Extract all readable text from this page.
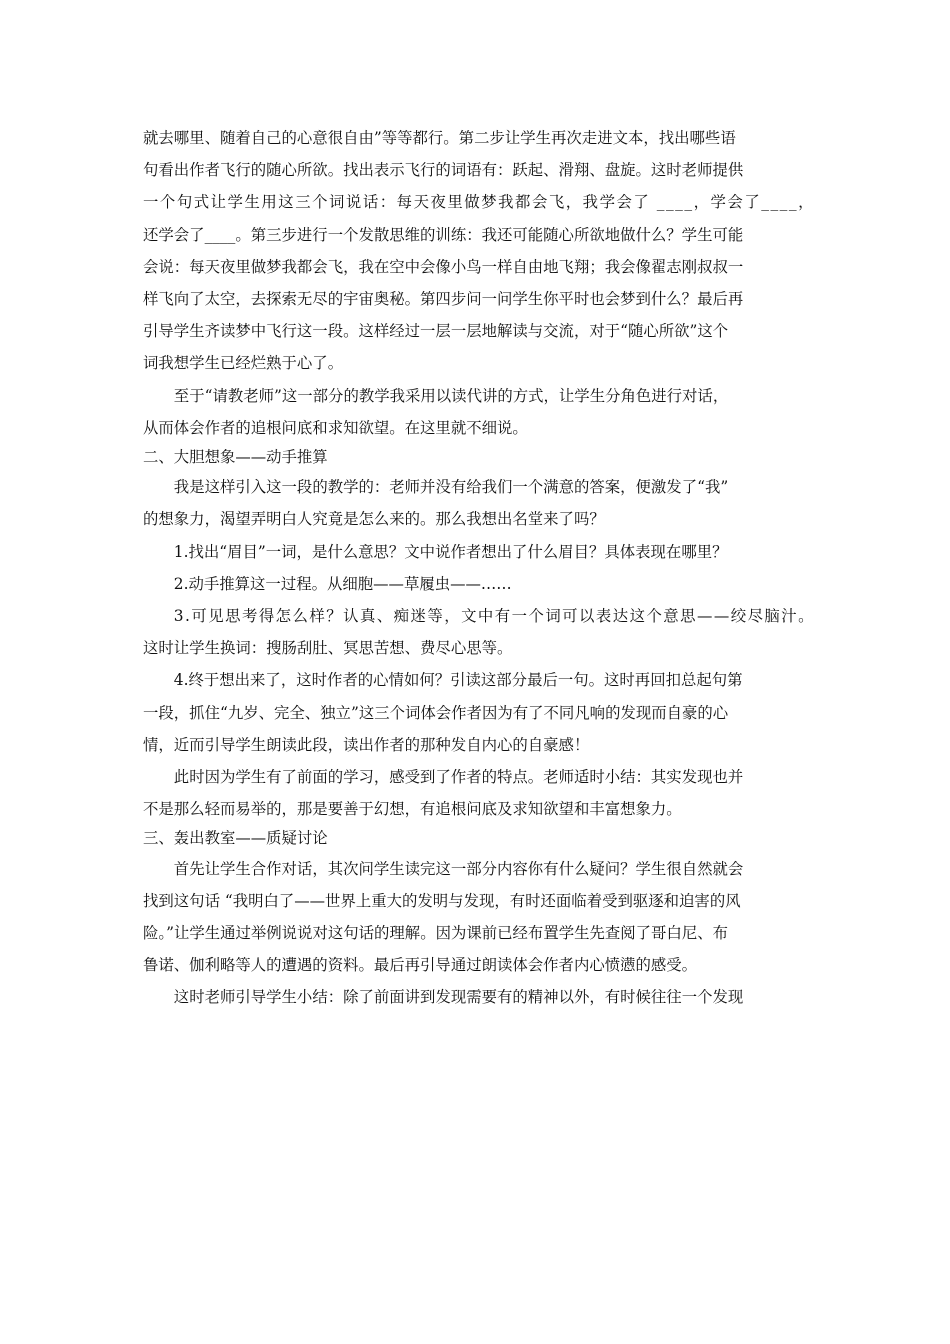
就去哪里、随着自己的心意很自由”等等都行。第二步让学生再次走进文本，找出哪些语
句看出作者飞行的随心所欲。找出表示飞行的词语有：跃起、滑翔、盘旋。这时老师提供
一个句式让学生用这三个词说话：每天夜里做梦我都会飞，我学会了 ____，学会了____，
还学会了____。第三步进行一个发散思维的训练：我还可能随心所欲地做什么？学生可能
会说：每天夜里做梦我都会飞，我在空中会像小鸟一样自由地飞翔；我会像翟志刚叔叔一
样飞向了太空，去探索无尽的宇宙奥秘。第四步问一问学生你平时也会梦到什么？最后再
引导学生齐读梦中飞行这一段。这样经过一层一层地解读与交流，对于“随心所欲”这个
词我想学生已经烂熟于心了。
至于“请教老师”这一部分的教学我采用以读代讲的方式，让学生分角色进行对话，
从而体会作者的追根问底和求知欲望。在这里就不细说。
二、大胆想象——动手推算
我是这样引入这一段的教学的：老师并没有给我们一个满意的答案，便激发了“我”
的想象力，渴望弄明白人究竟是怎么来的。那么我想出名堂来了吗？
1.找出“眉目”一词，是什么意思？文中说作者想出了什么眉目？具体表现在哪里？
2.动手推算这一过程。从细胞——草履虫——……
3.可见思考得怎么样？认真、痴迷等，文中有一个词可以表达这个意思——绞尽脑汁。
这时让学生换词：搜肠刮肚、冥思苦想、费尽心思等。
4.终于想出来了，这时作者的心情如何？引读这部分最后一句。这时再回扣总起句第
一段，抓住“九岁、完全、独立”这三个词体会作者因为有了不同凡响的发现而自豪的心
情，近而引导学生朗读此段，读出作者的那种发自内心的自豪感！
此时因为学生有了前面的学习，感受到了作者的特点。老师适时小结：其实发现也并
不是那么轻而易举的，那是要善于幻想，有追根问底及求知欲望和丰富想象力。
三、轰出教室——质疑讨论
首先让学生合作对话，其次问学生读完这一部分内容你有什么疑问？学生很自然就会
找到这句话 “我明白了——世界上重大的发明与发现，有时还面临着受到驱逐和迫害的风
险。”让学生通过举例说说对这句话的理解。因为课前已经布置学生先查阅了哥白尼、布
鲁诺、伽利略等人的遭遇的资料。最后再引导通过朗读体会作者内心愤懑的感受。
这时老师引导学生小结：除了前面讲到发现需要有的精神以外，有时候往往一个发现
